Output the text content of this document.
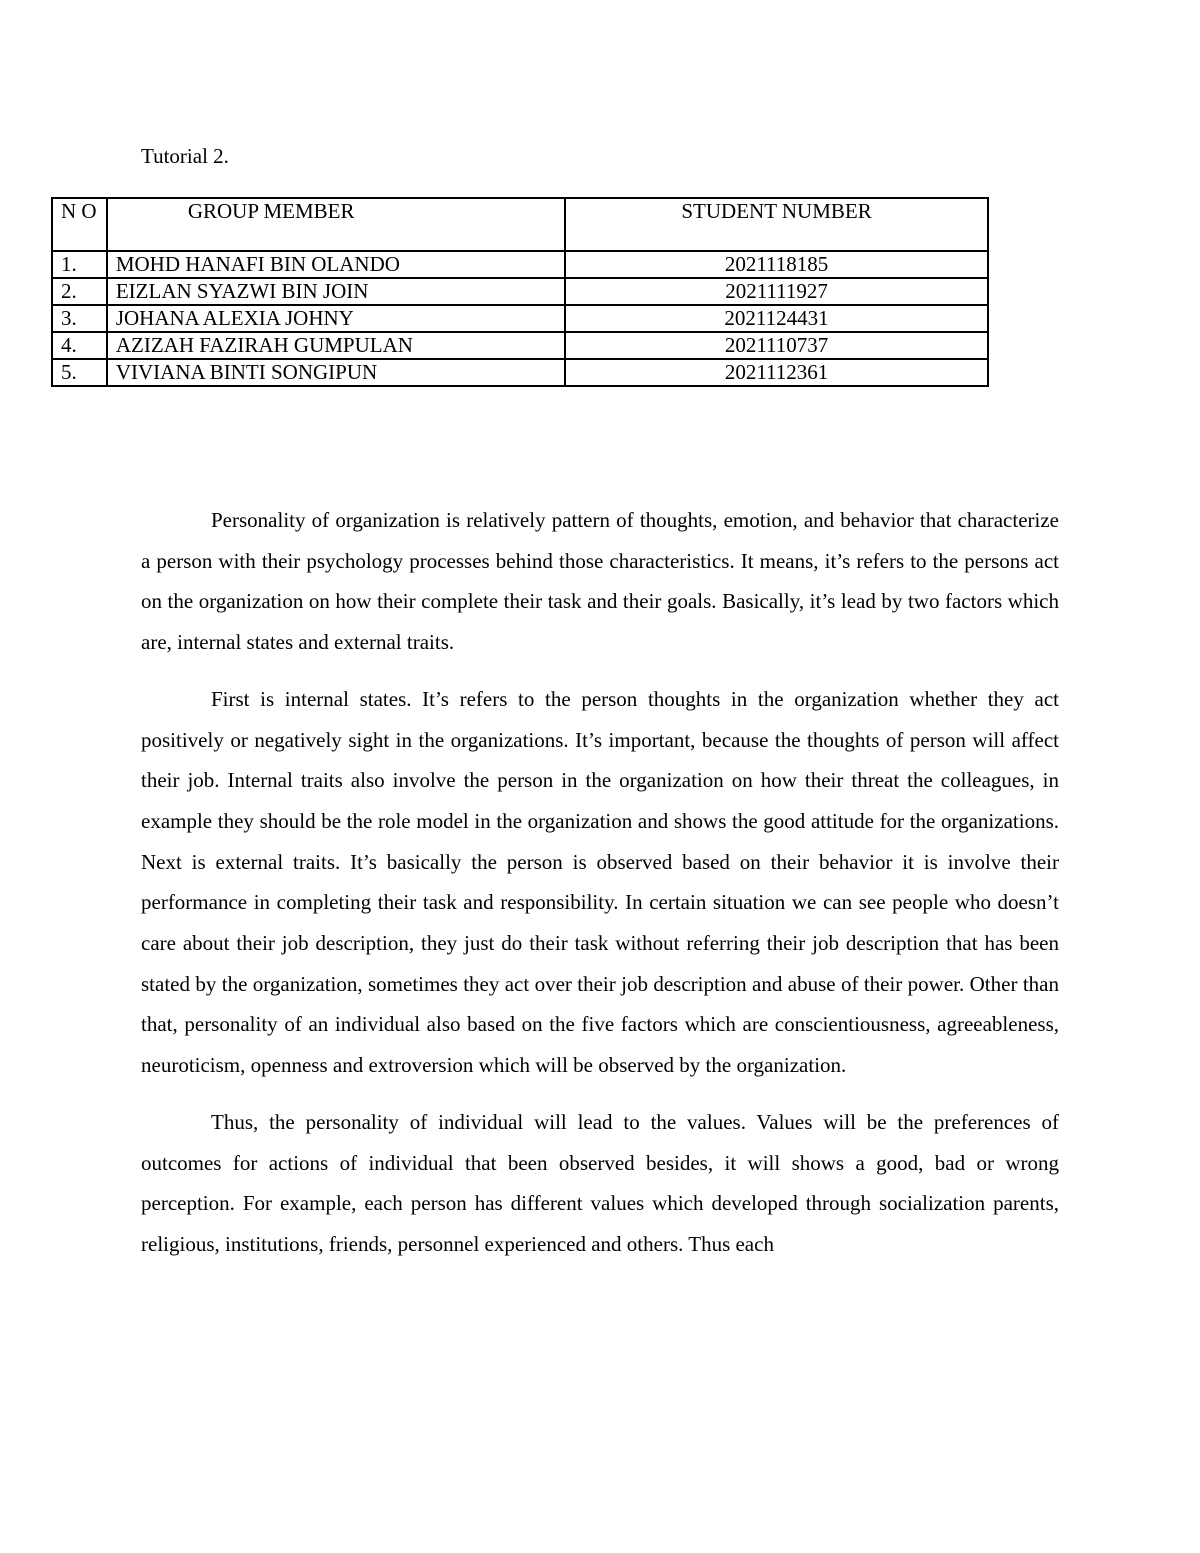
Tutorial 2.
N O	GROUP MEMBER	STUDENT NUMBER
1.	MOHD HANAFI BIN OLANDO	2021118185
2.	EIZLAN SYAZWI BIN JOIN	2021111927
3.	JOHANA ALEXIA JOHNY	2021124431
4.	AZIZAH FAZIRAH GUMPULAN	2021110737
5.	VIVIANA BINTI SONGIPUN	2021112361

Personality of organization is relatively pattern of thoughts, emotion, and behavior that characterize a person with their psychology processes behind those characteristics. It means, it’s refers to the persons act on the organization on how their complete their task and their goals. Basically, it’s lead by two factors which are, internal states and external traits.

First is internal states. It’s refers to the person thoughts in the organization whether they act positively or negatively sight in the organizations. It’s important, because the thoughts of person will affect their job. Internal traits also involve the person in the organization on how their threat the colleagues, in example they should be the role model in the organization and shows the good attitude for the organizations. Next is external traits. It’s basically the person is observed based on their behavior it is involve their performance in completing their task and responsibility. In certain situation we can see people who doesn’t care about their job description, they just do their task without referring their job description that has been stated by the organization, sometimes they act over their job description and abuse of their power. Other than that, personality of an individual also based on the five factors which are conscientiousness, agreeableness, neuroticism, openness and extroversion which will be observed by the organization.

Thus, the personality of individual will lead to the values. Values will be the preferences of outcomes for actions of individual that been observed besides, it will shows a good, bad or wrong perception. For example, each person has different values which developed through socialization parents, religious, institutions, friends, personnel experienced and others. Thus each
